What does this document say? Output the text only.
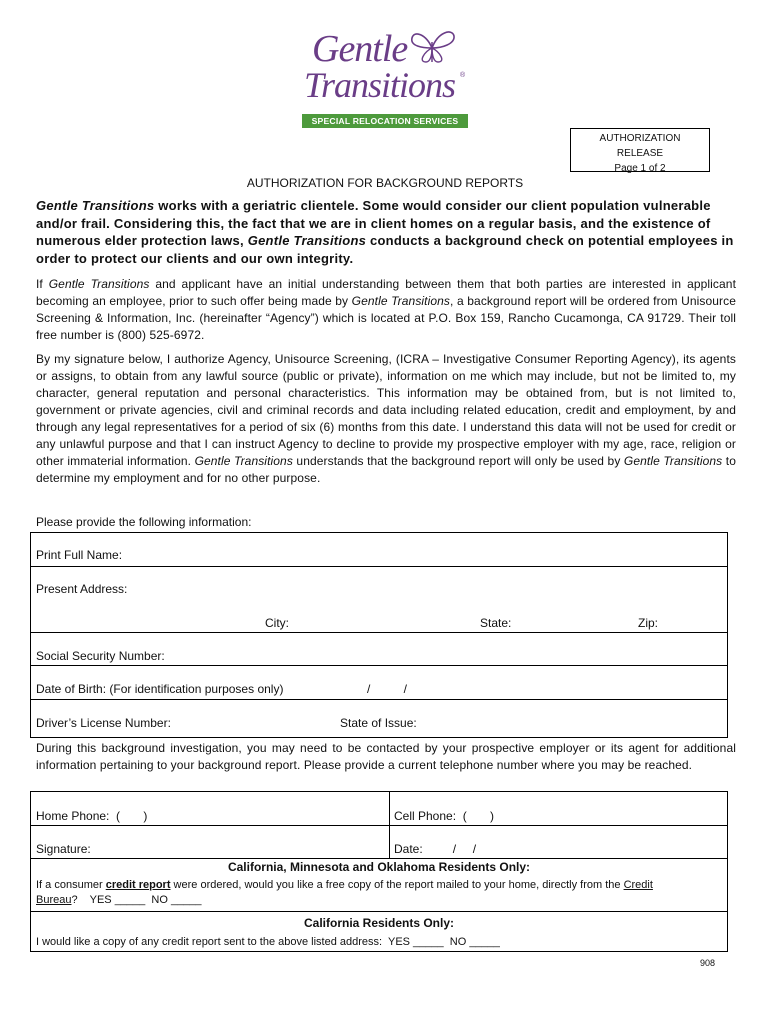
Gentle
Transitions ®
SPECIAL RELOCATION SERVICES
AUTHORIZATION
RELEASE
Page 1 of 2
AUTHORIZATION FOR BACKGROUND REPORTS
Gentle Transitions works with a geriatric clientele. Some would consider our client population vulnerable and/or frail. Considering this, the fact that we are in client homes on a regular basis, and the existence of numerous elder protection laws, Gentle Transitions conducts a background check on potential employees in order to protect our clients and our own integrity.
If Gentle Transitions and applicant have an initial understanding between them that both parties are interested in applicant becoming an employee, prior to such offer being made by Gentle Transitions, a background report will be ordered from Unisource Screening & Information, Inc. (hereinafter “Agency”) which is located at P.O. Box 159, Rancho Cucamonga, CA 91729. Their toll free number is (800) 525-6972.
By my signature below, I authorize Agency, Unisource Screening, (ICRA – Investigative Consumer Reporting Agency), its agents or assigns, to obtain from any lawful source (public or private), information on me which may include, but not be limited to, my character, general reputation and personal characteristics. This information may be obtained from, but is not limited to, government or private agencies, civil and criminal records and data including related education, credit and employment, by and through any legal representatives for a period of six (6) months from this date. I understand this data will not be used for credit or any unlawful purpose and that I can instruct Agency to decline to provide my prospective employer with my age, race, religion or other immaterial information. Gentle Transitions understands that the background report will only be used by Gentle Transitions to determine my employment and for no other purpose.
Please provide the following information:
Print Full Name:
Present Address:
City:	State:	Zip:
Social Security Number:
Date of Birth: (For identification purposes only)	/          /
Driver’s License Number:	State of Issue:
During this background investigation, you may need to be contacted by your prospective employer or its agent for additional information pertaining to your background report. Please provide a current telephone number where you may be reached.
Home Phone:  (       )	Cell Phone:  (       )
Signature:	Date:         /     /
California, Minnesota and Oklahoma Residents Only:
If a consumer credit report were ordered, would you like a free copy of the report mailed to your home, directly from the Credit Bureau?    YES _____  NO _____
California Residents Only:
I would like a copy of any credit report sent to the above listed address:  YES _____  NO _____
908
